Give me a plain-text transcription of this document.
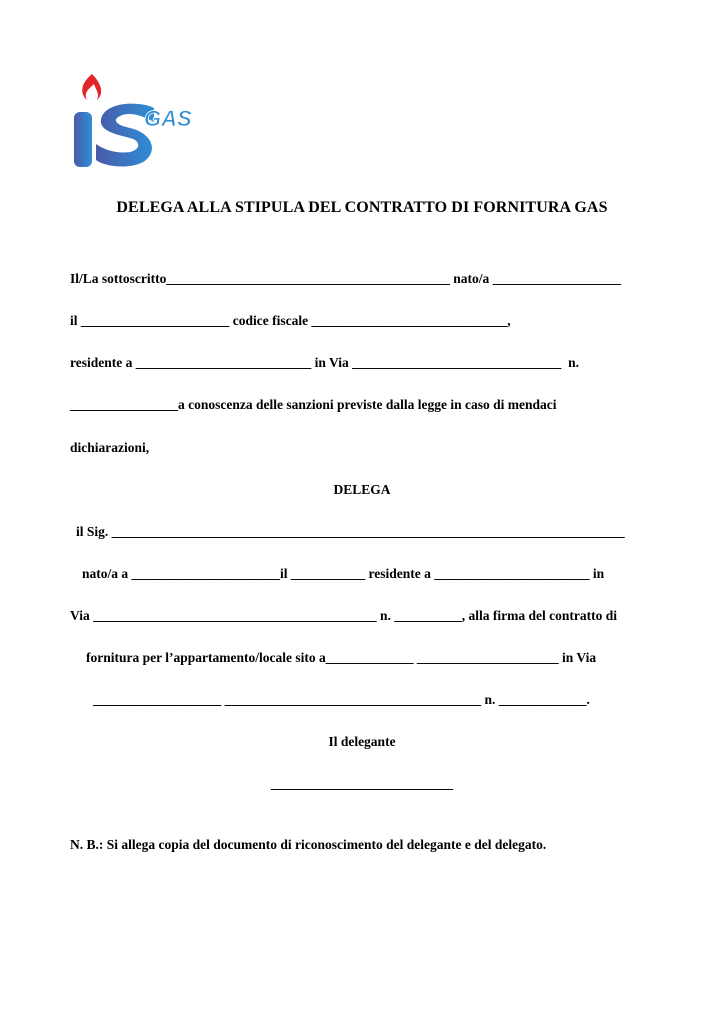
GAS
DELEGA ALLA STIPULA DEL CONTRATTO DI FORNITURA GAS
Il/La sottoscritto__________________________________________ nato/a ___________________
il ______________________ codice fiscale _____________________________,
residente a __________________________ in Via _______________________________  n.
________________a conoscenza delle sanzioni previste dalla legge in caso di mendaci
dichiarazioni,
DELEGA
il Sig. ____________________________________________________________________________
nato/a a ______________________il ___________ residente a _______________________ in
Via __________________________________________ n. __________, alla firma del contratto di
fornitura per l’appartamento/locale sito a_____________ _____________________ in Via
___________________ ______________________________________ n. _____________.
Il delegante
___________________________
N. B.: Si allega copia del documento di riconoscimento del delegante e del delegato.
